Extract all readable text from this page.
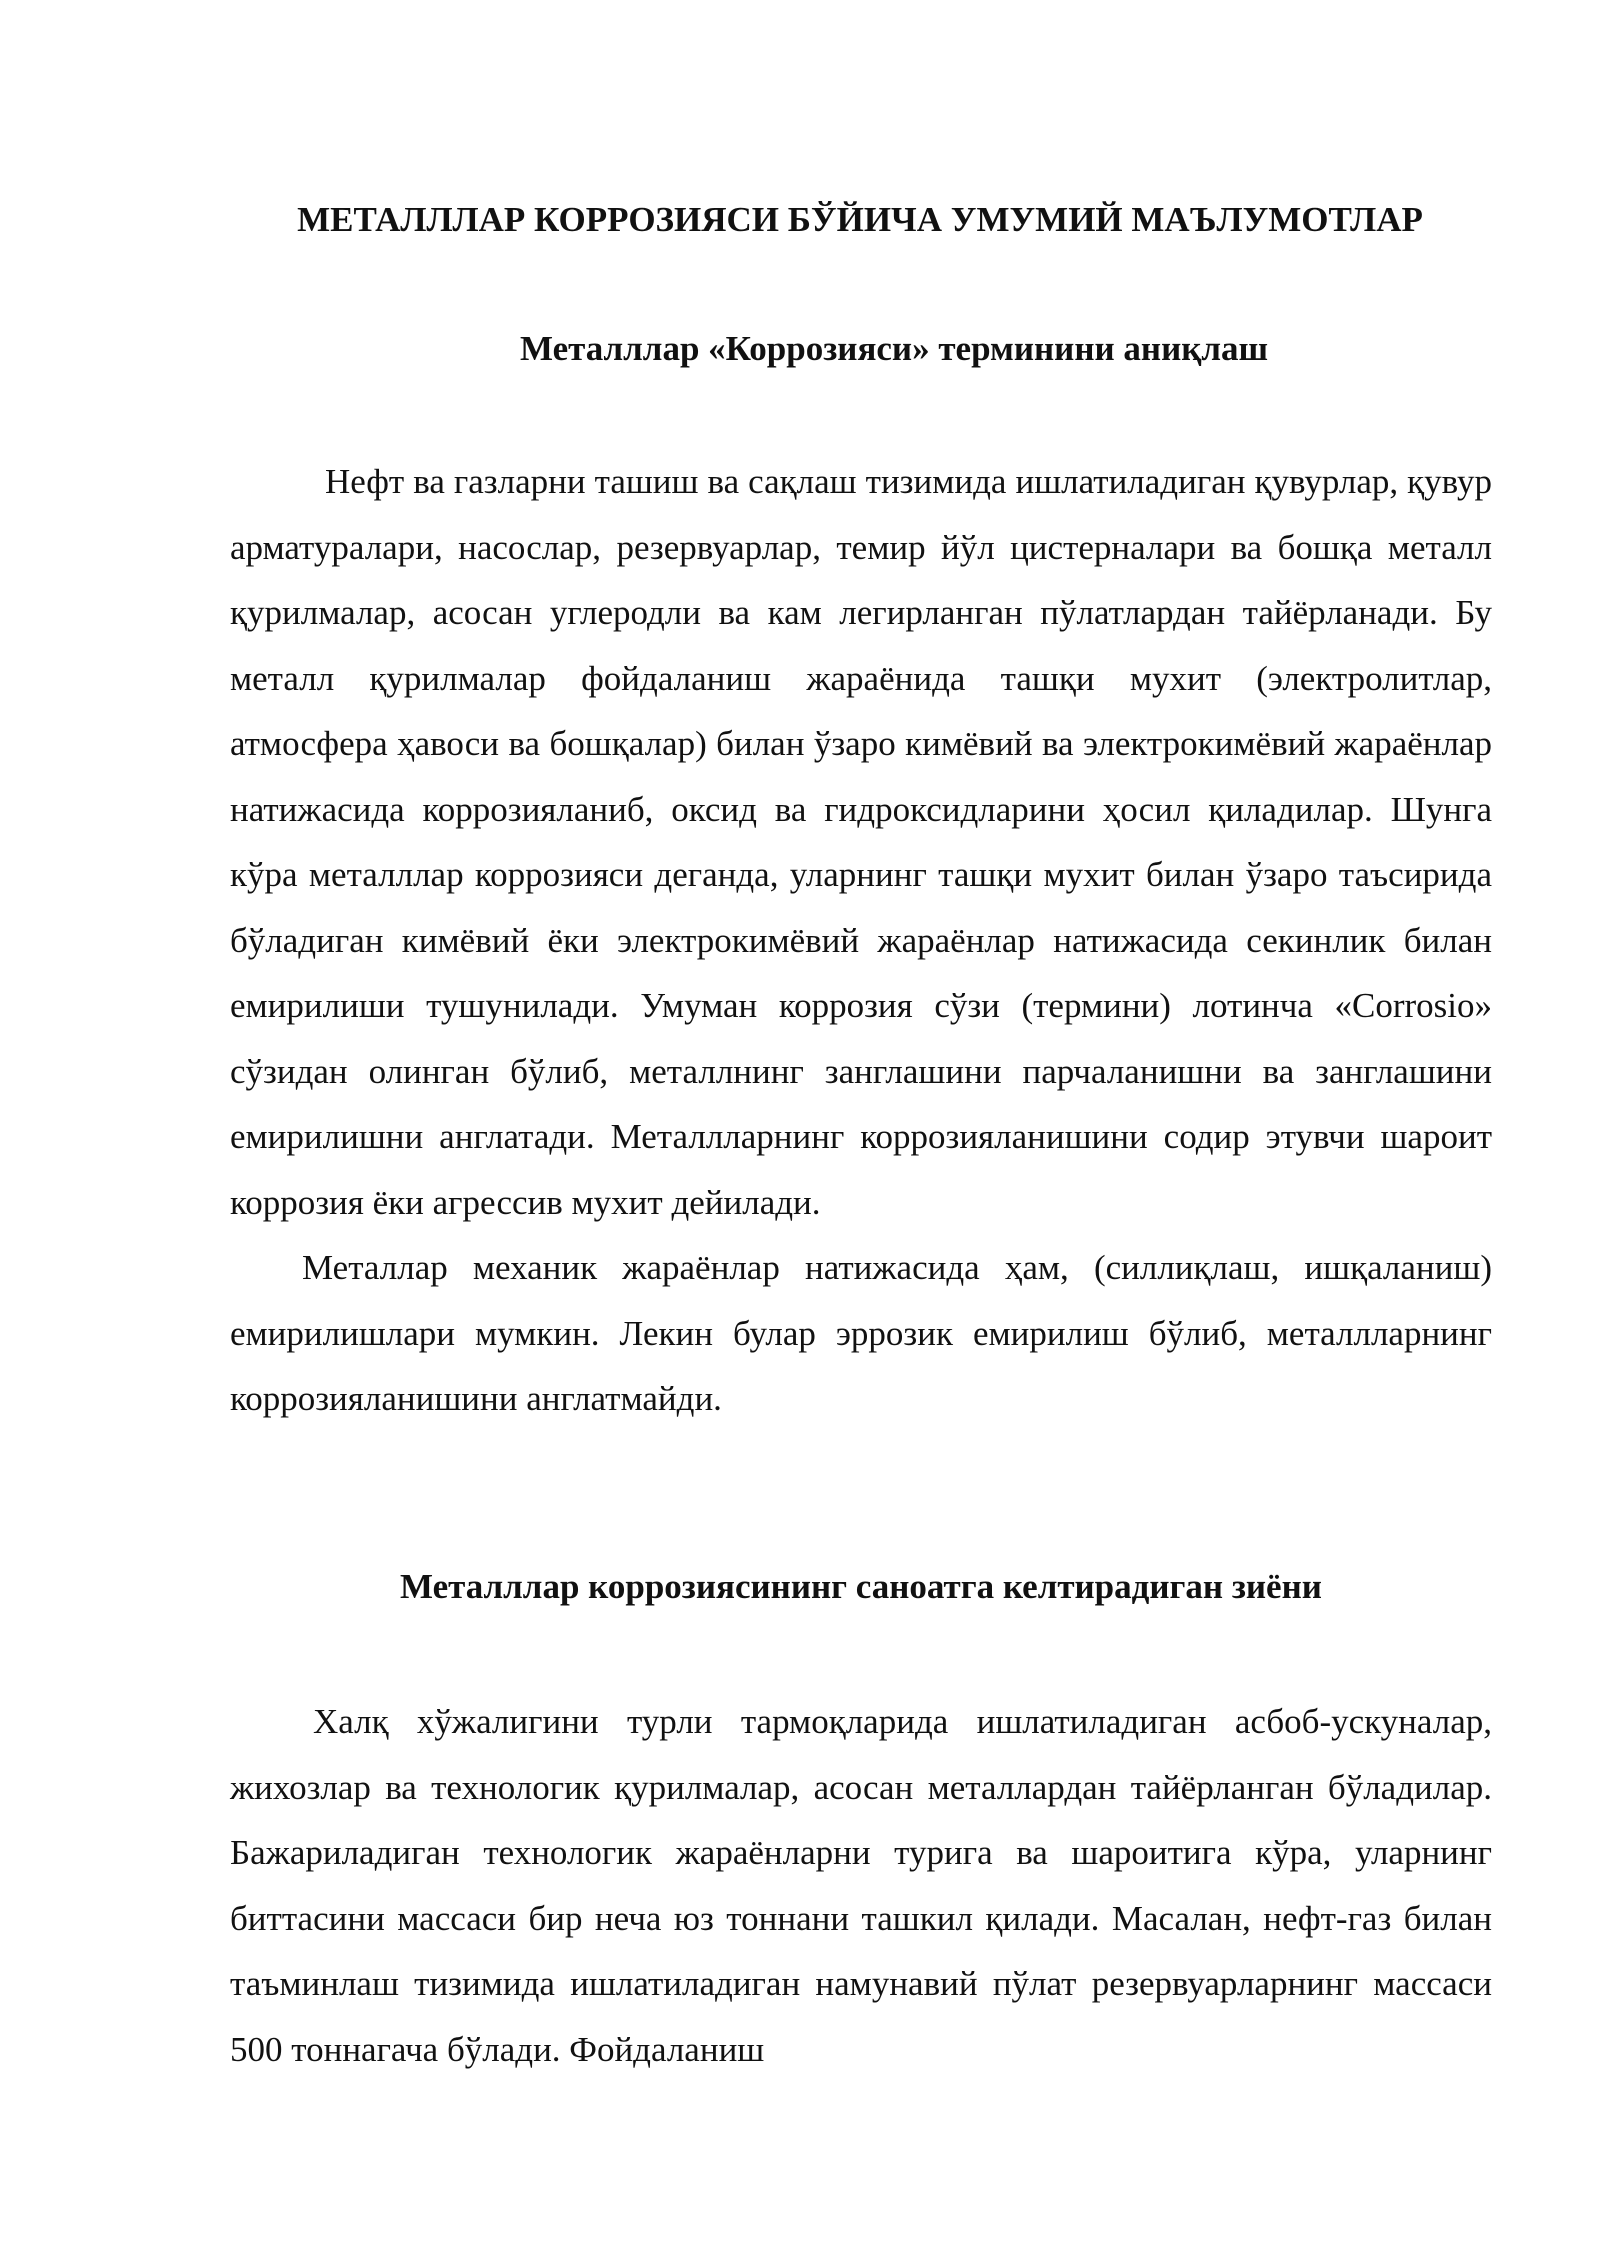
МЕТАЛЛЛАР КОРРОЗИЯСИ БЎЙИЧА УМУМИЙ МАЪЛУМОТЛАР
Металллар «Коррозияси» терминини аниқлаш

Нефт ва газларни ташиш ва сақлаш тизимида ишлатиладиган қувурлар, қувур арматуралари, насослар, резервуарлар, темир йўл цистерналари ва бошқа металл қурилмалар, асосан углеродли ва кам легирланган пўлатлардан тайёрланади. Бу металл қурилмалар фойдаланиш жараёнида ташқи мухит (электролитлар, атмосфера ҳавоси ва бошқалар) билан ўзаро кимёвий ва электрокимёвий жараёнлар натижасида коррозияланиб, оксид ва гидроксидларини ҳосил қиладилар. Шунга кўра металллар коррозияси деганда, уларнинг ташқи мухит билан ўзаро таъсирида бўладиган кимёвий ёки электрокимёвий жараёнлар натижасида секинлик билан емирилиши тушунилади. Умуман коррозия сўзи (термини) лотинча «Corrosio» сўзидан олинган бўлиб, металлнинг занглашини парчаланишни ва занглашини емирилишни англатади. Металлларнинг коррозияланишини содир этувчи шароит коррозия ёки агрессив мухит дейилади.

Металлар механик жараёнлар натижасида ҳам, (силлиқлаш, ишқаланиш) емирилишлари мумкин. Лекин булар эррозик емирилиш бўлиб, металлларнинг коррозияланишини англатмайди.

Металллар коррозиясининг саноатга келтирадиган зиёни

Халқ хўжалигини турли тармоқларида ишлатиладиган асбоб-ускуналар, жихозлар ва технологик қурилмалар, асосан металлардан тайёрланган бўладилар. Бажариладиган технологик жараёнларни турига ва шароитига кўра, уларнинг биттасини массаси бир неча юз тоннани ташкил қилади. Масалан, нефт-газ билан таъминлаш тизимида ишлатиладиган намунавий пўлат резервуарларнинг массаси 500 тоннагача бўлади. Фойдаланиш
